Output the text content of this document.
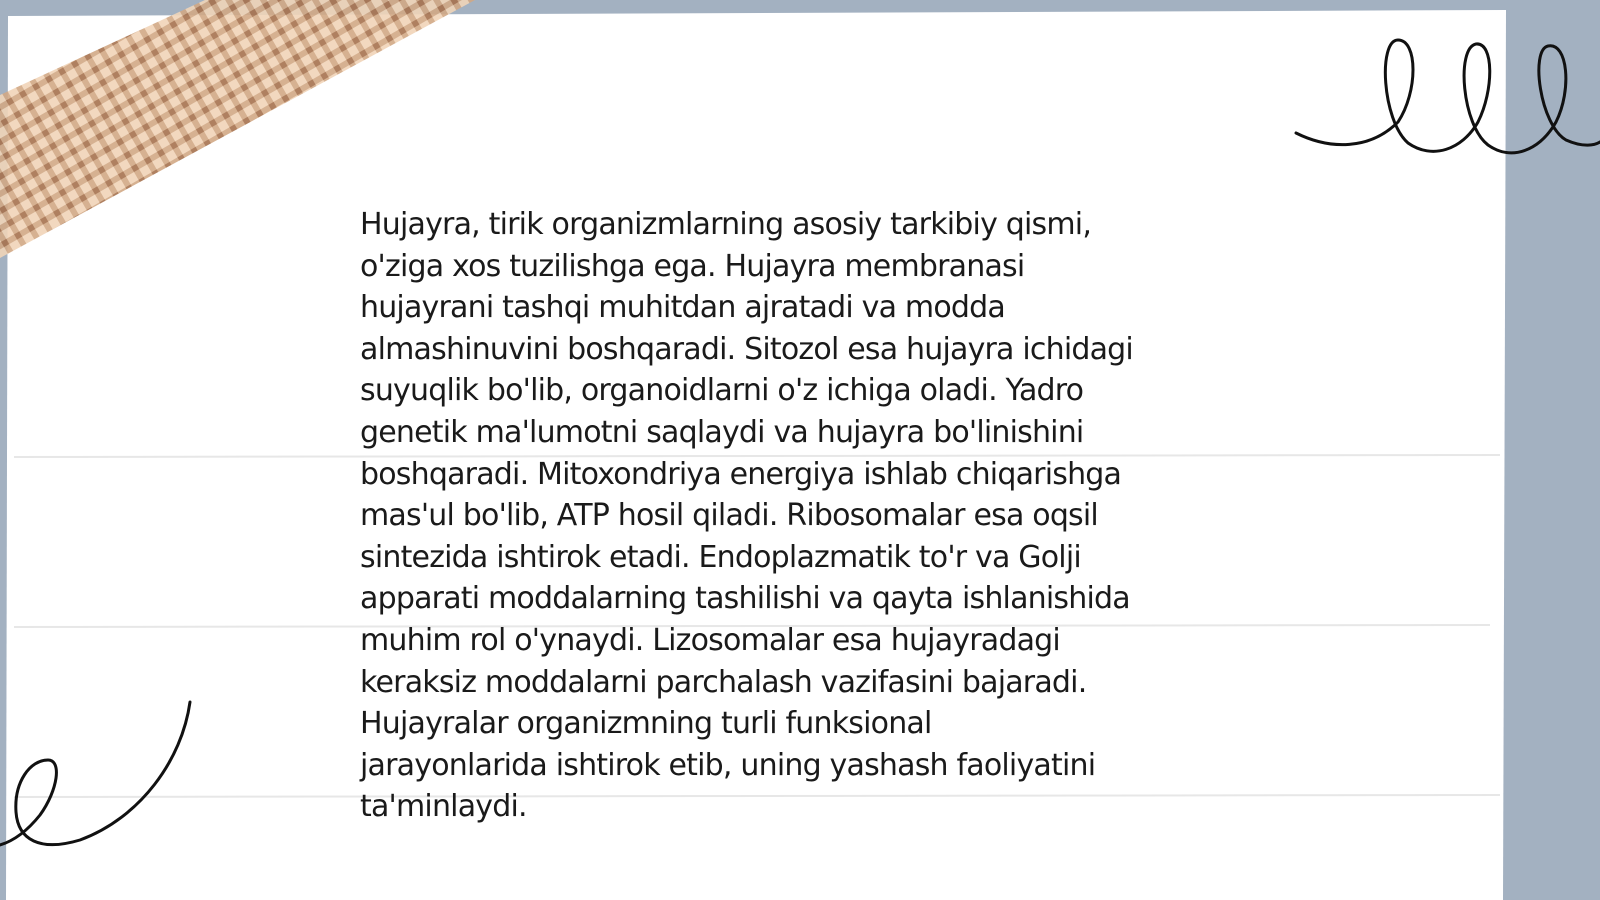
Hujayra, tirik organizmlarning asosiy tarkibiy qismi,
o'ziga xos tuzilishga ega. Hujayra membranasi
hujayrani tashqi muhitdan ajratadi va modda
almashinuvini boshqaradi. Sitozol esa hujayra ichidagi
suyuqlik bo'lib, organoidlarni o'z ichiga oladi. Yadro
genetik ma'lumotni saqlaydi va hujayra bo'linishini
boshqaradi. Mitoxondriya energiya ishlab chiqarishga
mas'ul bo'lib, ATP hosil qiladi. Ribosomalar esa oqsil
sintezida ishtirok etadi. Endoplazmatik to'r va Golji
apparati moddalarning tashilishi va qayta ishlanishida
muhim rol o'ynaydi. Lizosomalar esa hujayradagi
keraksiz moddalarni parchalash vazifasini bajaradi.
Hujayralar organizmning turli funksional
jarayonlarida ishtirok etib, uning yashash faoliyatini
ta'minlaydi.
